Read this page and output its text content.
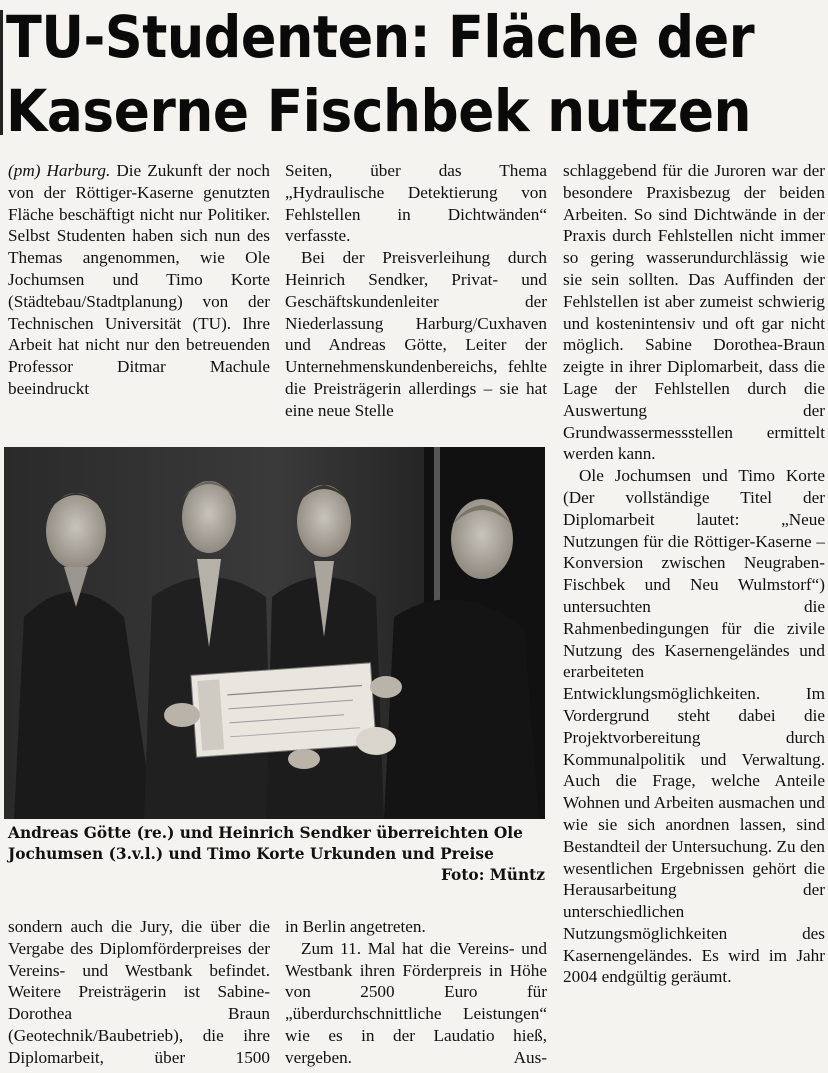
TU-Studenten: Fläche der
Kaserne Fischbek nutzen

(pm) Harburg. Die Zukunft der noch von der Röttiger-Kaserne genutzten Fläche beschäftigt nicht nur Politiker. Selbst Studenten haben sich nun des Themas angenommen, wie Ole Jochumsen und Timo Korte (Städtebau/Stadtplanung) von der Technischen Universität (TU). Ihre Arbeit hat nicht nur den betreuenden Professor Ditmar Machule beeindruckt

Seiten, über das Thema „Hydraulische Detektierung von Fehlstellen in Dichtwänden“ verfasste.

Bei der Preisverleihung durch Heinrich Sendker, Privat- und Geschäftskundenleiter der Niederlassung Harburg/Cuxhaven und Andreas Götte, Leiter der Unternehmenskundenbereichs, fehlte die Preisträgerin allerdings – sie hat eine neue Stelle

schlaggebend für die Juroren war der besondere Praxisbezug der beiden Arbeiten. So sind Dichtwände in der Praxis durch Fehlstellen nicht immer so gering wasserundurchlässig wie sie sein sollten. Das Auffinden der Fehlstellen ist aber zumeist schwierig und kostenintensiv und oft gar nicht möglich. Sabine Dorothea-Braun zeigte in ihrer Diplomarbeit, dass die Lage der Fehlstellen durch die Auswertung der Grundwassermessstellen ermittelt werden kann.

Ole Jochumsen und Timo Korte (Der vollständige Titel der Diplomarbeit lautet: „Neue Nutzungen für die Röttiger-Kaserne – Konversion zwischen Neugraben-Fischbek und Neu Wulmstorf“) untersuchten die Rahmenbedingungen für die zivile Nutzung des Kasernengeländes und erarbeiteten Entwicklungsmöglichkeiten. Im Vordergrund steht dabei die Projektvorbereitung durch Kommunalpolitik und Verwaltung. Auch die Frage, welche Anteile Wohnen und Arbeiten ausmachen und wie sie sich anordnen lassen, sind Bestandteil der Untersuchung. Zu den wesentlichen Ergebnissen gehört die Herausarbeitung der unterschiedlichen Nutzungsmöglichkeiten des Kasernengeländes. Es wird im Jahr 2004 endgültig geräumt.

Andreas Götte (re.) und Heinrich Sendker überreichten Ole Jochumsen (3.v.l.) und Timo Korte Urkunden und Preise
Foto: Müntz

sondern auch die Jury, die über die Vergabe des Diplomförderpreises der Vereins- und Westbank befindet. Weitere Preisträgerin ist Sabine-Dorothea Braun (Geotechnik/Baubetrieb), die ihre Diplomarbeit, über 1500

in Berlin angetreten.

Zum 11. Mal hat die Vereins- und Westbank ihren Förderpreis in Höhe von 2500 Euro für „überdurchschnittliche Leistungen“ wie es in der Laudatio hieß, vergeben. Aus-
